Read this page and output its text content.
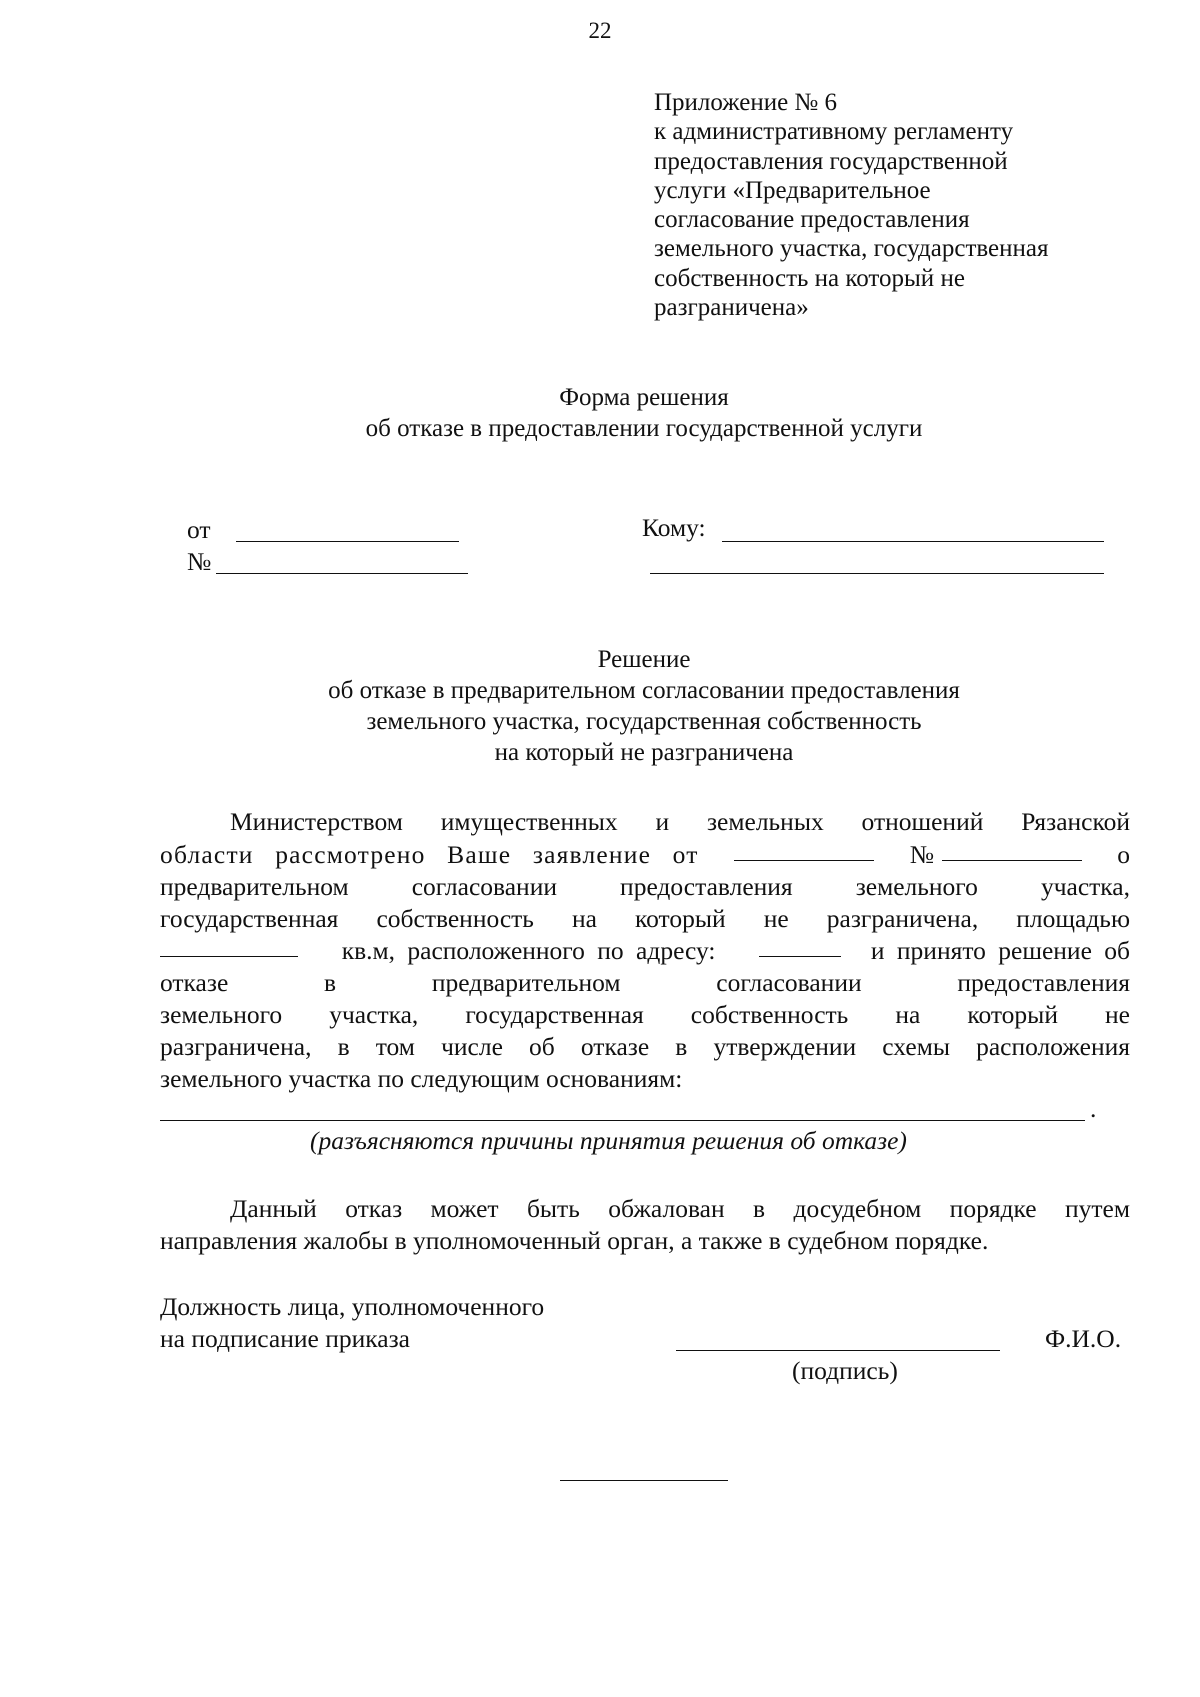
22
Приложение № 6
к административному регламенту
предоставления государственной
услуги «Предварительное
согласование предоставления
земельного участка, государственная
собственность на который не
разграничена»
Форма решения
об отказе в предоставлении государственной услуги
от
№
Кому:
Решение
об отказе в предварительном согласовании предоставления
земельного участка, государственная собственность
на который не разграничена
Министерством имущественных и земельных отношений Рязанской
области рассмотрено Ваше заявление от	№	о
предварительном согласовании предоставления земельного участка,
государственная собственность на который не разграничена, площадью
кв.м, расположенного по адресу:	и принято решение об
отказе в предварительном согласовании предоставления
земельного участка, государственная собственность на который не
разграничена, в том числе об отказе в утверждении схемы расположения
земельного участка по следующим основаниям:
.
(разъясняются причины принятия решения об отказе)
Данный отказ может быть обжалован в досудебном порядке путем
направления жалобы в уполномоченный орган, а также в судебном порядке.
Должность лица, уполномоченного
на подписание приказа	Ф.И.О.
(подпись)
